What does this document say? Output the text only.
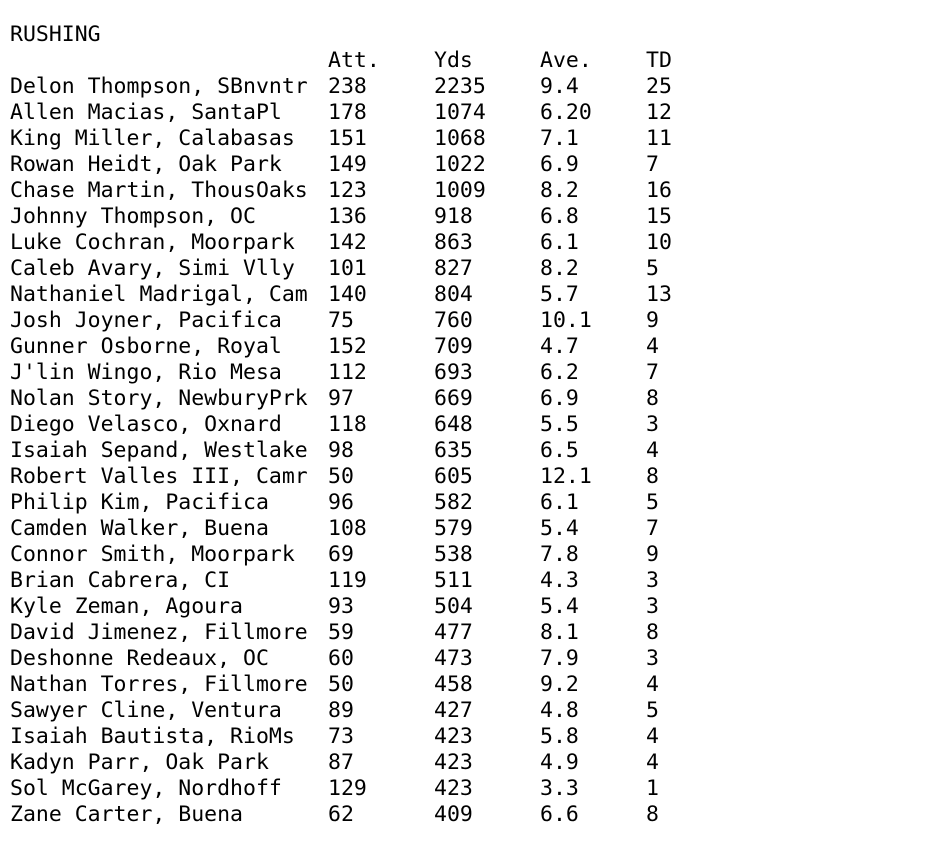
RUSHING
	Att.	Yds	Ave.	TD
Delon Thompson, SBnvntr	238	2235	9.4	25
Allen Macias, SantaPl	178	1074	6.20	12
King Miller, Calabasas	151	1068	7.1	11
Rowan Heidt, Oak Park	149	1022	6.9	7
Chase Martin, ThousOaks	123	1009	8.2	16
Johnny Thompson, OC	136	918	6.8	15
Luke Cochran, Moorpark	142	863	6.1	10
Caleb Avary, Simi Vlly	101	827	8.2	5
Nathaniel Madrigal, Cam	140	804	5.7	13
Josh Joyner, Pacifica	75	760	10.1	9
Gunner Osborne, Royal	152	709	4.7	4
J'lin Wingo, Rio Mesa	112	693	6.2	7
Nolan Story, NewburyPrk	97	669	6.9	8
Diego Velasco, Oxnard	118	648	5.5	3
Isaiah Sepand, Westlake	98	635	6.5	4
Robert Valles III, Camr	50	605	12.1	8
Philip Kim, Pacifica	96	582	6.1	5
Camden Walker, Buena	108	579	5.4	7
Connor Smith, Moorpark	69	538	7.8	9
Brian Cabrera, CI	119	511	4.3	3
Kyle Zeman, Agoura	93	504	5.4	3
David Jimenez, Fillmore	59	477	8.1	8
Deshonne Redeaux, OC	60	473	7.9	3
Nathan Torres, Fillmore	50	458	9.2	4
Sawyer Cline, Ventura	89	427	4.8	5
Isaiah Bautista, RioMs	73	423	5.8	4
Kadyn Parr, Oak Park	87	423	4.9	4
Sol McGarey, Nordhoff	129	423	3.3	1
Zane Carter, Buena	62	409	6.6	8
